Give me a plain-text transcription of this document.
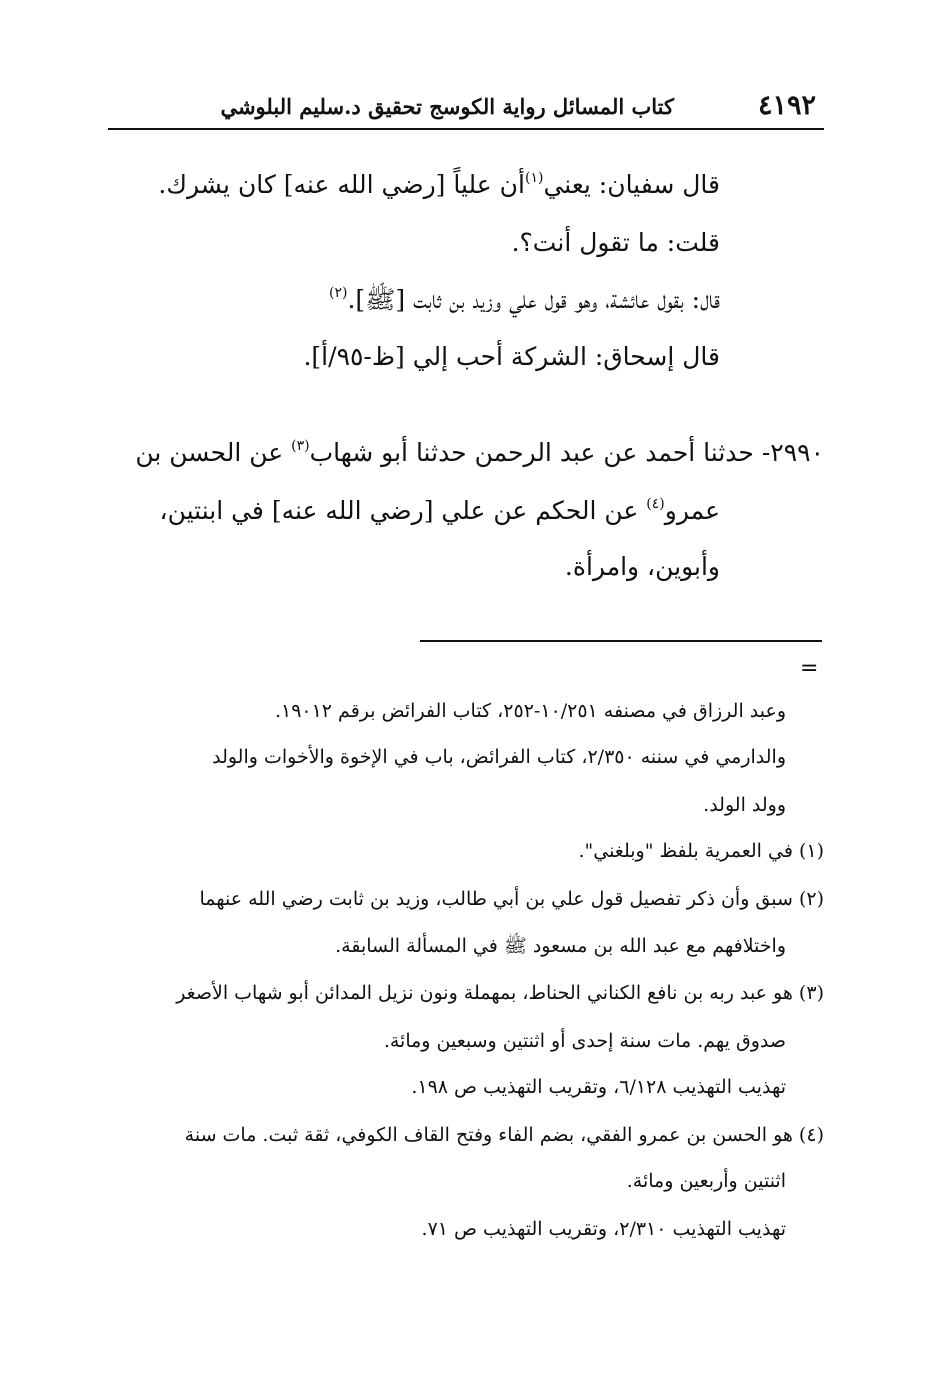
٤١٩٢
كتاب المسائل رواية الكوسج تحقيق د.سليم البلوشي
قال سفيان: يعني$^{(١)}$أن علياً [رضي الله عنه] كان يشرك.
قلت: ما تقول أنت؟.
قال: بقول عائشة، وهو قول علي وزيد بن ثابت [ﷺ].$^{(٢)}$
قال إسحاق: الشركة أحب إلي [ظ-٩٥/أ].
٢٩٩٠- حدثنا أحمد عن عبد الرحمن حدثنا أبو شهاب$^{(٣)}$ عن الحسن بن
عمرو$^{(٤)}$ عن الحكم عن علي [رضي الله عنه] في ابنتين،
وأبوين، وامرأة.
=
وعبد الرزاق في مصنفه ١٠/٢٥١-٢٥٢، كتاب الفرائض برقم ١٩٠١٢.
والدارمي في سننه ٢/٣٥٠، كتاب الفرائض، باب في الإخوة والأخوات والولد
وولد الولد.
(١) في العمرية بلفظ "وبلغني".
(٢) سبق وأن ذكر تفصيل قول علي بن أبي طالب، وزيد بن ثابت رضي الله عنهما
واختلافهم مع عبد الله بن مسعود ﷺ في المسألة السابقة.
(٣) هو عبد ربه بن نافع الكناني الحناط، بمهملة ونون نزيل المدائن أبو شهاب الأصغر
صدوق يهم. مات سنة إحدى أو اثنتين وسبعين ومائة.
تهذيب التهذيب ٦/١٢٨، وتقريب التهذيب ص ١٩٨.
(٤) هو الحسن بن عمرو الفقي، بضم الفاء وفتح القاف الكوفي، ثقة ثبت. مات سنة
اثنتين وأربعين ومائة.
تهذيب التهذيب ٢/٣١٠، وتقريب التهذيب ص ٧١.
